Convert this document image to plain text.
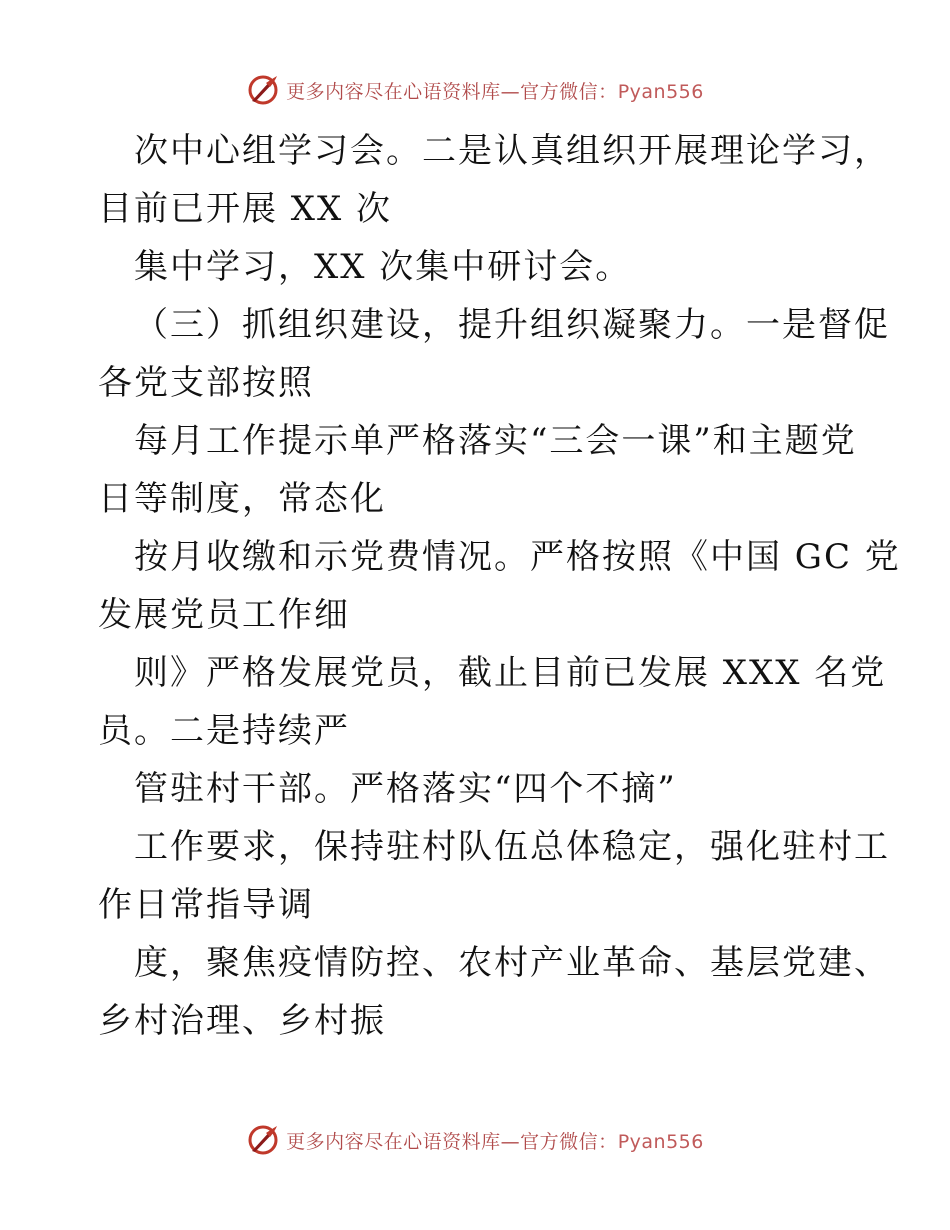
更多内容尽在心语资料库—官方微信：Pyan556
次中心组学习会。二是认真组织开展理论学习，
目前已开展 XX 次
集中学习，XX 次集中研讨会。
（三）抓组织建设，提升组织凝聚力。一是督促
各党支部按照
每月工作提示单严格落实“三会一课”和主题党
日等制度，常态化
按月收缴和示党费情况。严格按照《中国 GC 党
发展党员工作细
则》严格发展党员，截止目前已发展 XXX 名党
员。二是持续严
管驻村干部。严格落实“四个不摘”
工作要求，保持驻村队伍总体稳定，强化驻村工
作日常指导调
度，聚焦疫情防控、农村产业革命、基层党建、
乡村治理、乡村振
更多内容尽在心语资料库—官方微信：Pyan556
